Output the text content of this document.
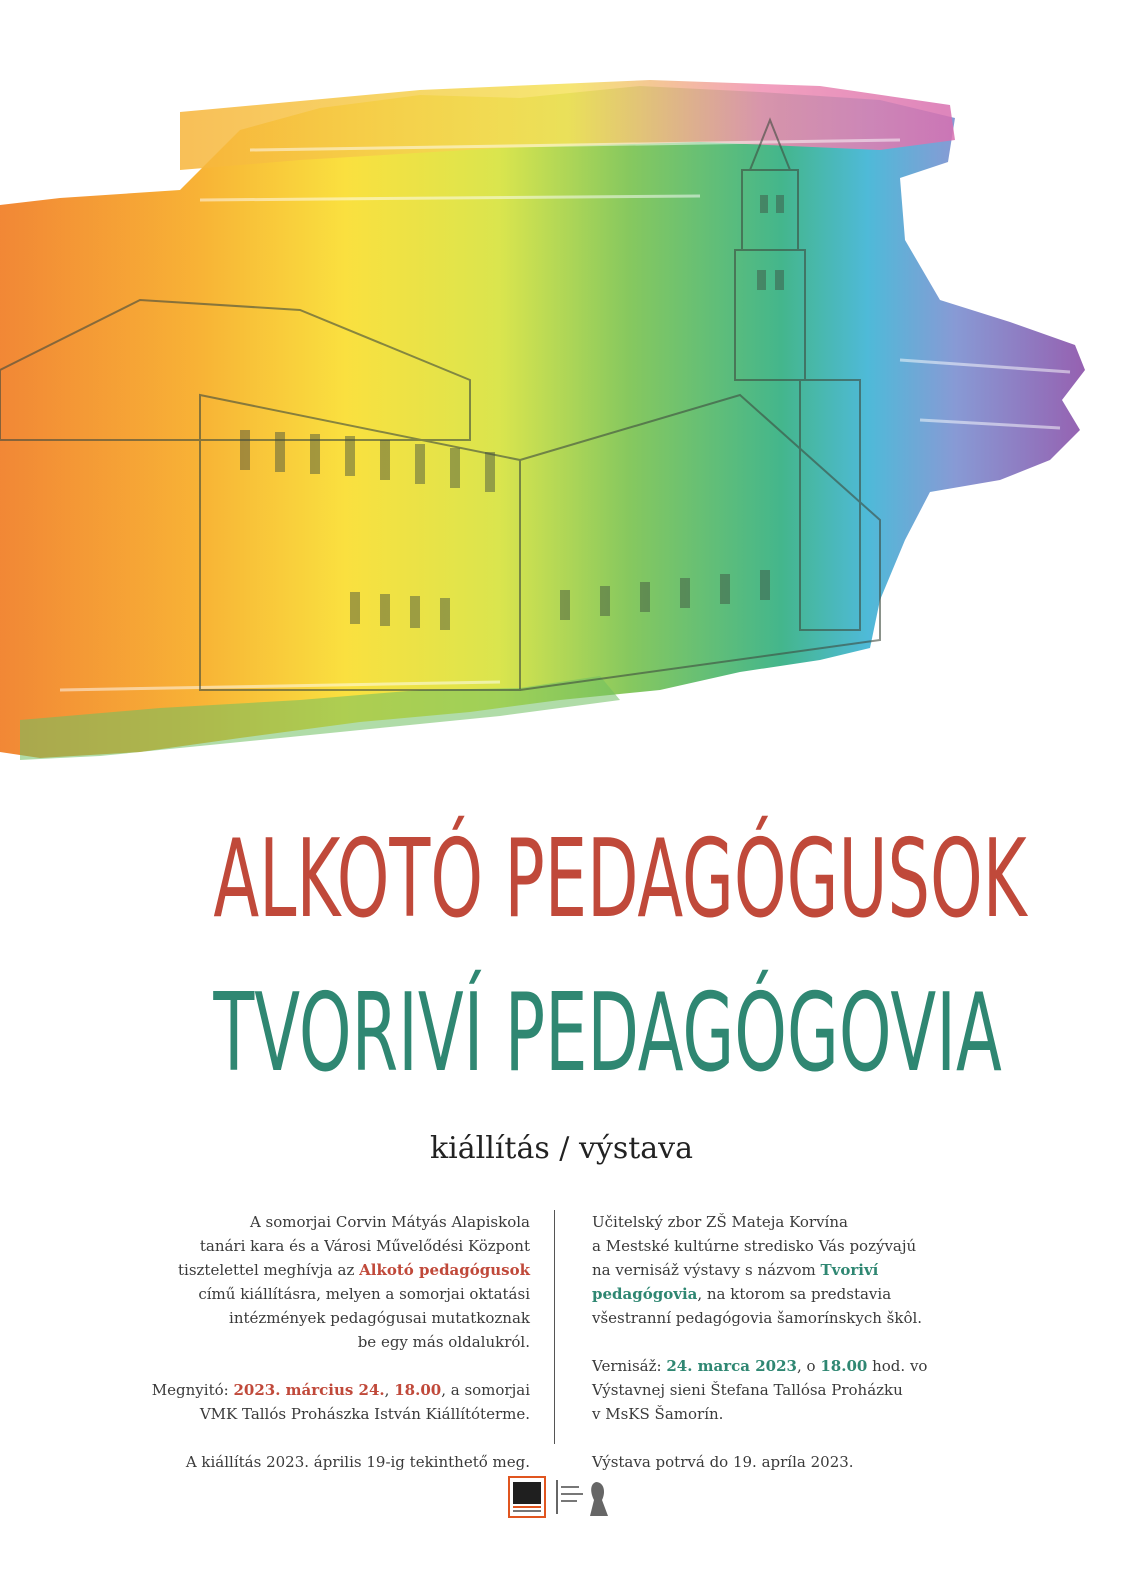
ALKOTÓ PEDAGÓGUSOK
TVORIVÍ PEDAGÓGOVIA
kiállítás / výstava

A somorjai Corvin Mátyás Alapiskola
tanári kara és a Városi Művelődési Központ
tisztelettel meghívja az Alkotó pedagógusok
című kiállításra, melyen a somorjai oktatási
intézmények pedagógusai mutatkoznak
be egy más oldalukról.

Megnyitó: 2023. március 24., 18.00, a somorjai
VMK Tallós Prohászka István Kiállítóterme.

A kiállítás 2023. április 19-ig tekinthető meg.

Učitelský zbor ZŠ Mateja Korvína
a Mestské kultúrne stredisko Vás pozývajú
na vernisáž výstavy s názvom Tvoriví
pedagógovia, na ktorom sa predstavia
všestranní pedagógovia šamorínskych škôl.

Vernisáž: 24. marca 2023, o 18.00 hod. vo
Výstavnej sieni Štefana Tallósa Proházku
v MsKS Šamorín.

Výstava potrvá do 19. apríla 2023.
